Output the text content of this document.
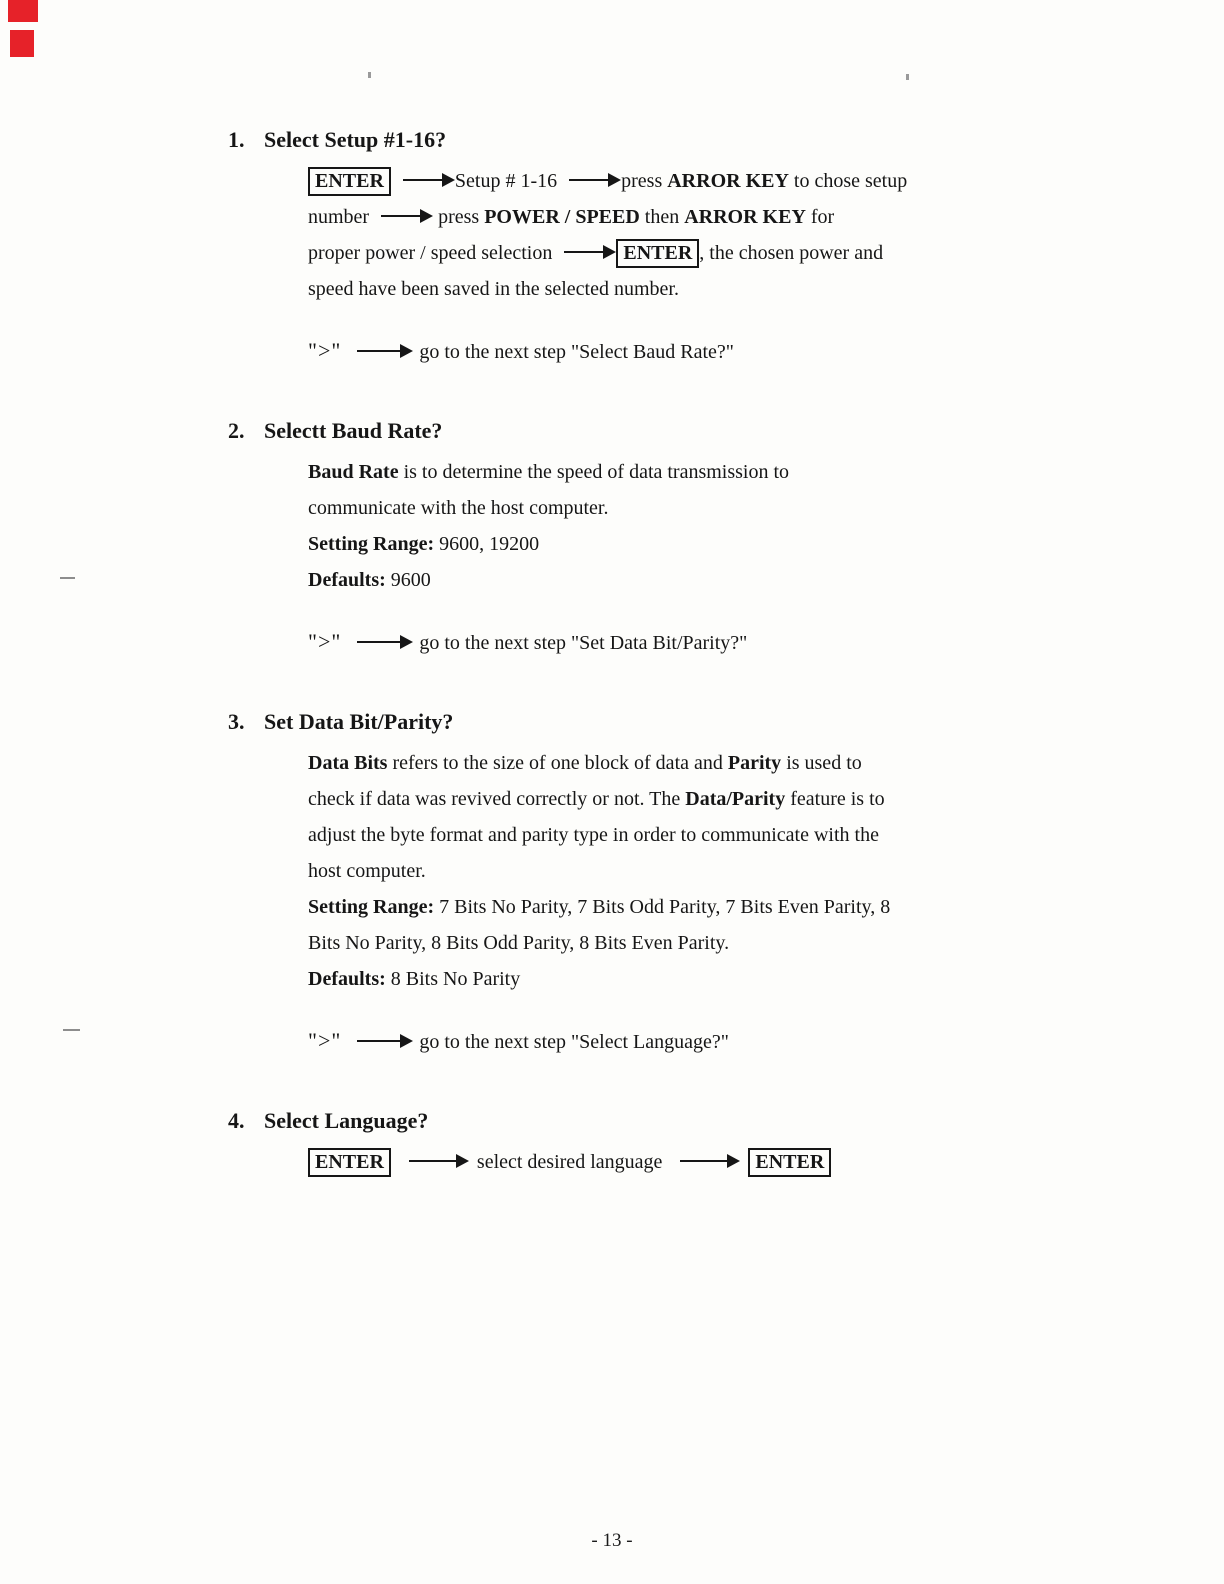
1. Select Setup #1-16?
ENTER	Setup # 1-16	press ARROR KEY to chose setup
number	press POWER / SPEED then ARROR KEY for
proper power / speed selection	ENTER , the chosen power and
speed have been saved in the selected number.
">"	go to the next step "Select Baud Rate?"
2. Selectt Baud Rate?
Baud Rate is to determine the speed of data transmission to
communicate with the host computer.
Setting Range: 9600, 19200
Defaults: 9600
">"	go to the next step "Set Data Bit/Parity?"
3. Set Data Bit/Parity?
Data Bits refers to the size of one block of data and Parity is used to
check if data was revived correctly or not. The Data/Parity feature is to
adjust the byte format and parity type in order to communicate with the
host computer.
Setting Range: 7 Bits No Parity, 7 Bits Odd Parity, 7 Bits Even Parity, 8
Bits No Parity, 8 Bits Odd Parity, 8 Bits Even Parity.
Defaults: 8 Bits No Parity
">"	go to the next step "Select Language?"
4. Select Language?
ENTER	select desired language	ENTER
- 13 -
